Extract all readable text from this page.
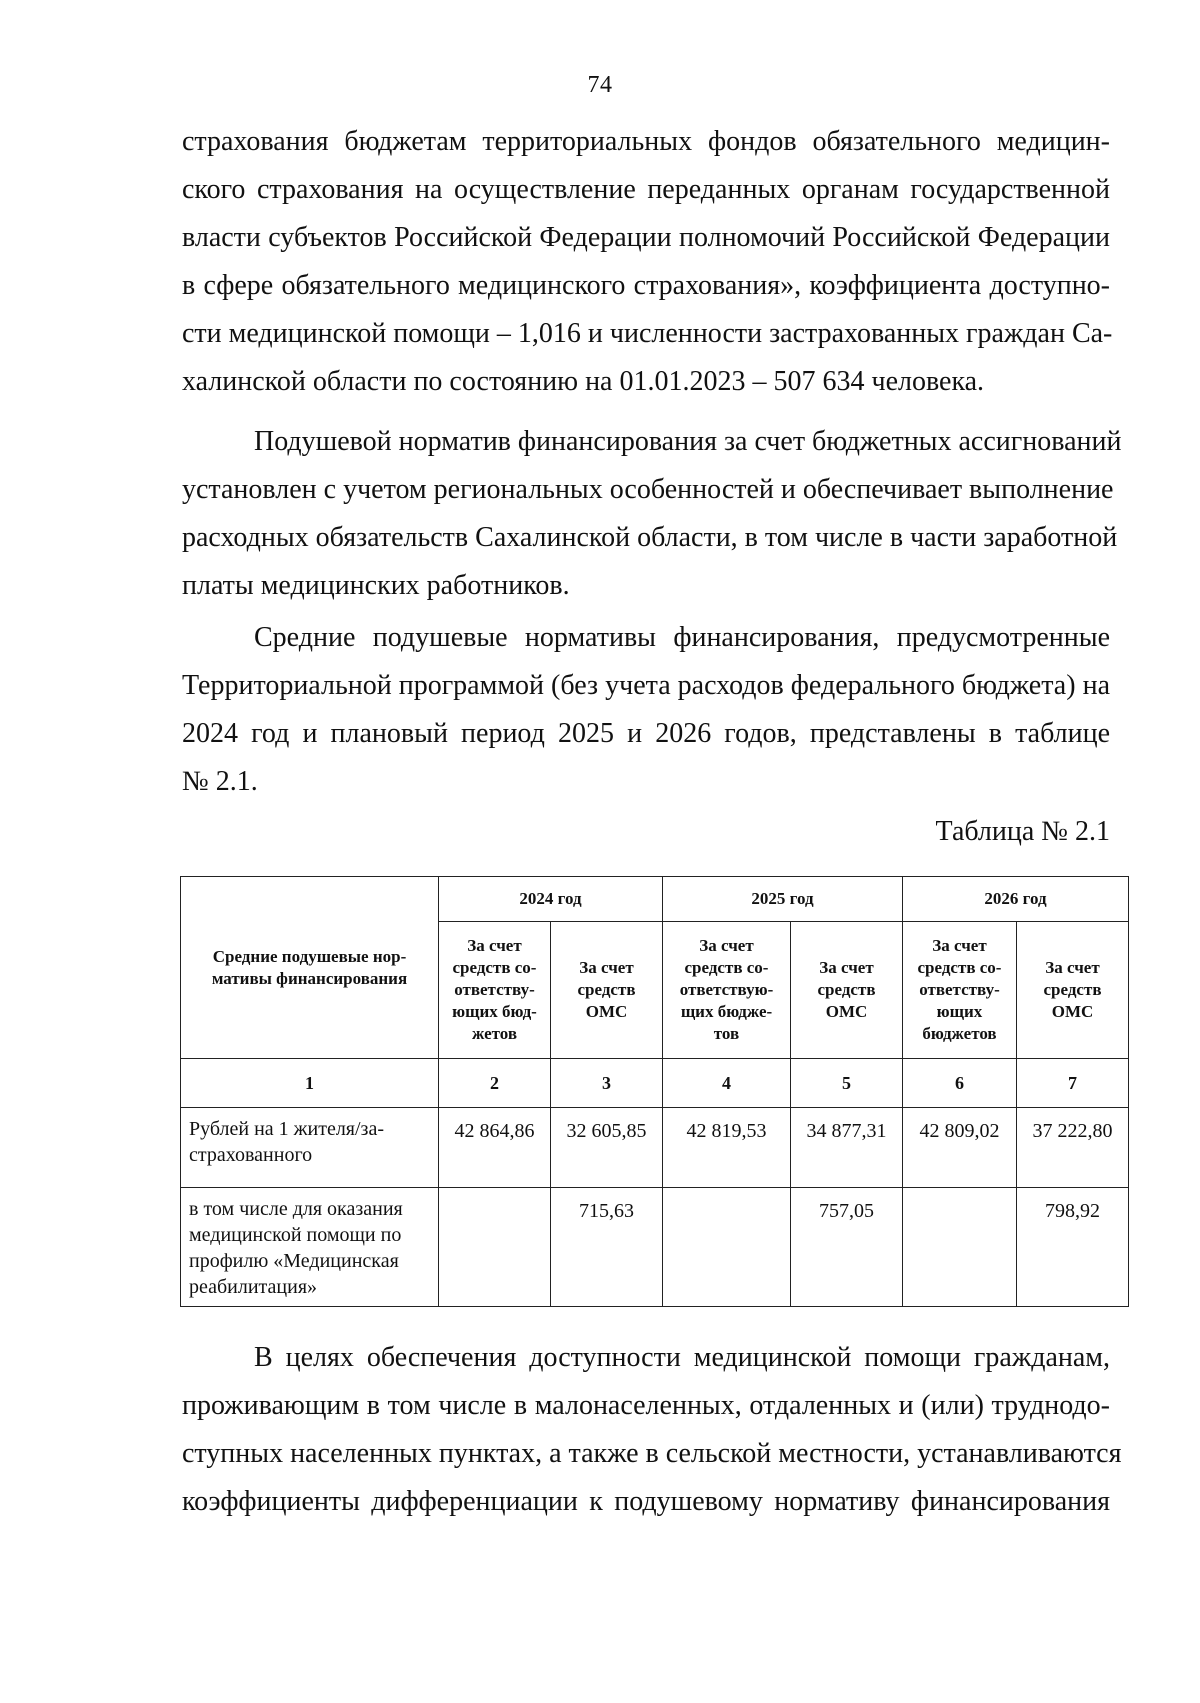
74
страхования бюджетам территориальных фондов обязательного медицин-
ского страхования на осуществление переданных органам государственной
власти субъектов Российской Федерации полномочий Российской Федерации
в сфере обязательного медицинского страхования», коэффициента доступно-
сти медицинской помощи – 1,016 и численности застрахованных граждан Са-
халинской области по состоянию на 01.01.2023 – 507 634 человека.
Подушевой норматив финансирования за счет бюджетных ассигнований
установлен с учетом региональных особенностей и обеспечивает выполнение
расходных обязательств Сахалинской области, в том числе в части заработной
платы медицинских работников.
Средние подушевые нормативы финансирования, предусмотренные
Территориальной программой (без учета расходов федерального бюджета) на
2024 год и плановый период 2025 и 2026 годов, представлены в таблице
№ 2.1.
Таблица № 2.1
Средние подушевые нор-
мативы финансирования	2024 год		2025 год		2026 год	
	За счет
средств со-
ответству-
ющих бюд-
жетов	За счет
средств
ОМС	За счет
средств со-
ответствую-
щих бюдже-
тов	За счет
средств
ОМС	За счет
средств со-
ответству-
ющих
бюджетов	За счет
средств
ОМС
1	2	3	4	5	6	7
Рублей на 1 жителя/за-
страхованного	42 864,86	32 605,85	42 819,53	34 877,31	42 809,02	37 222,80
в том числе для оказания
медицинской помощи по
профилю «Медицинская
реабилитация»		715,63		757,05		798,92
В целях обеспечения доступности медицинской помощи гражданам,
проживающим в том числе в малонаселенных, отдаленных и (или) труднодо-
ступных населенных пунктах, а также в сельской местности, устанавливаются
коэффициенты дифференциации к подушевому нормативу финансирования
